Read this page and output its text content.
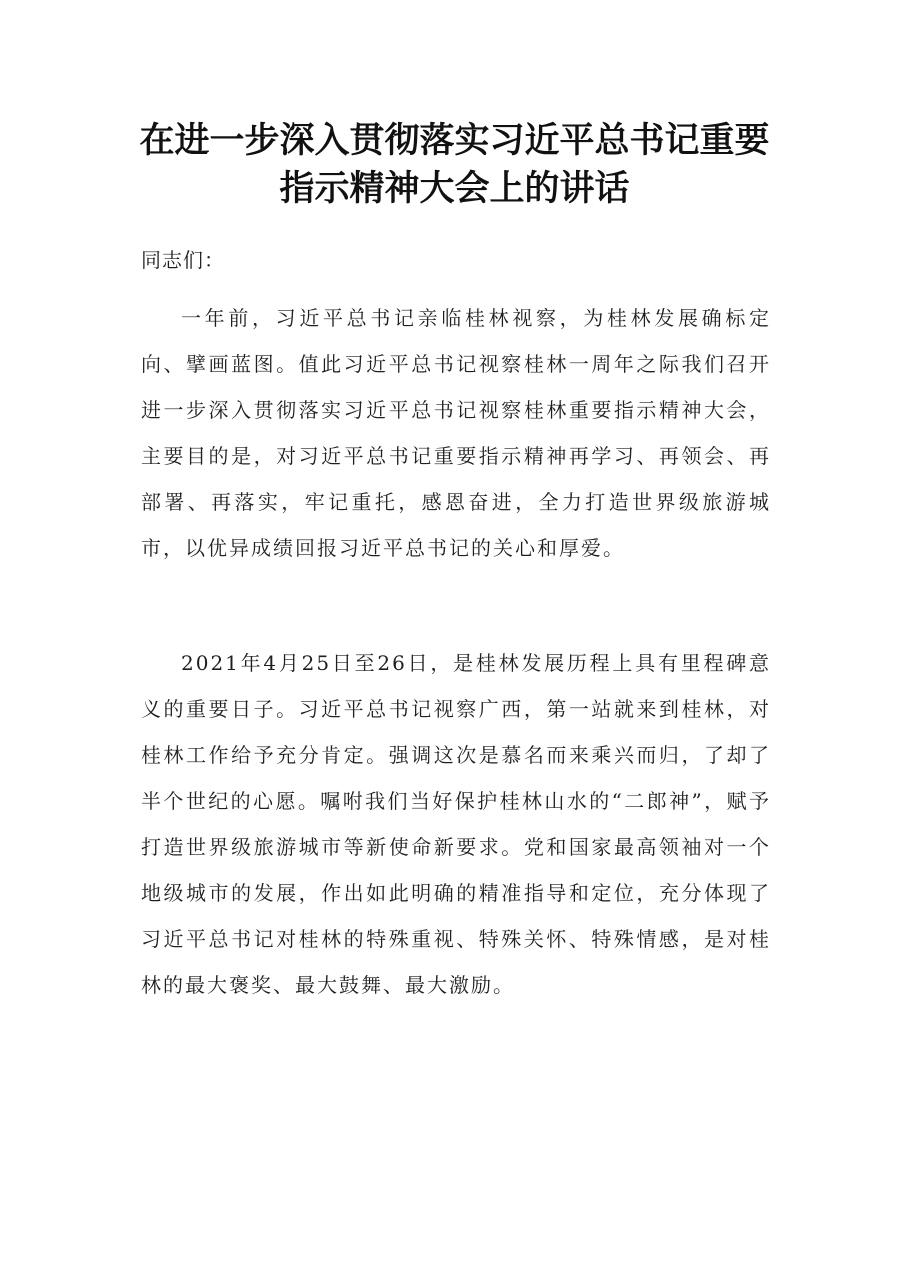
在进一步深入贯彻落实习近平总书记重要
指示精神大会上的讲话
同志们：

一年前，习近平总书记亲临桂林视察，为桂林发展确标定向、擘画蓝图。值此习近平总书记视察桂林一周年之际我们召开进一步深入贯彻落实习近平总书记视察桂林重要指示精神大会，主要目的是，对习近平总书记重要指示精神再学习、再领会、再部署、再落实，牢记重托，感恩奋进，全力打造世界级旅游城市，以优异成绩回报习近平总书记的关心和厚爱。

2021年4月25日至26日，是桂林发展历程上具有里程碑意义的重要日子。习近平总书记视察广西，第一站就来到桂林，对桂林工作给予充分肯定。强调这次是慕名而来乘兴而归，了却了半个世纪的心愿。嘱咐我们当好保护桂林山水的“二郎神”，赋予打造世界级旅游城市等新使命新要求。党和国家最高领袖对一个地级城市的发展，作出如此明确的精准指导和定位，充分体现了习近平总书记对桂林的特殊重视、特殊关怀、特殊情感，是对桂林的最大褒奖、最大鼓舞、最大激励。
